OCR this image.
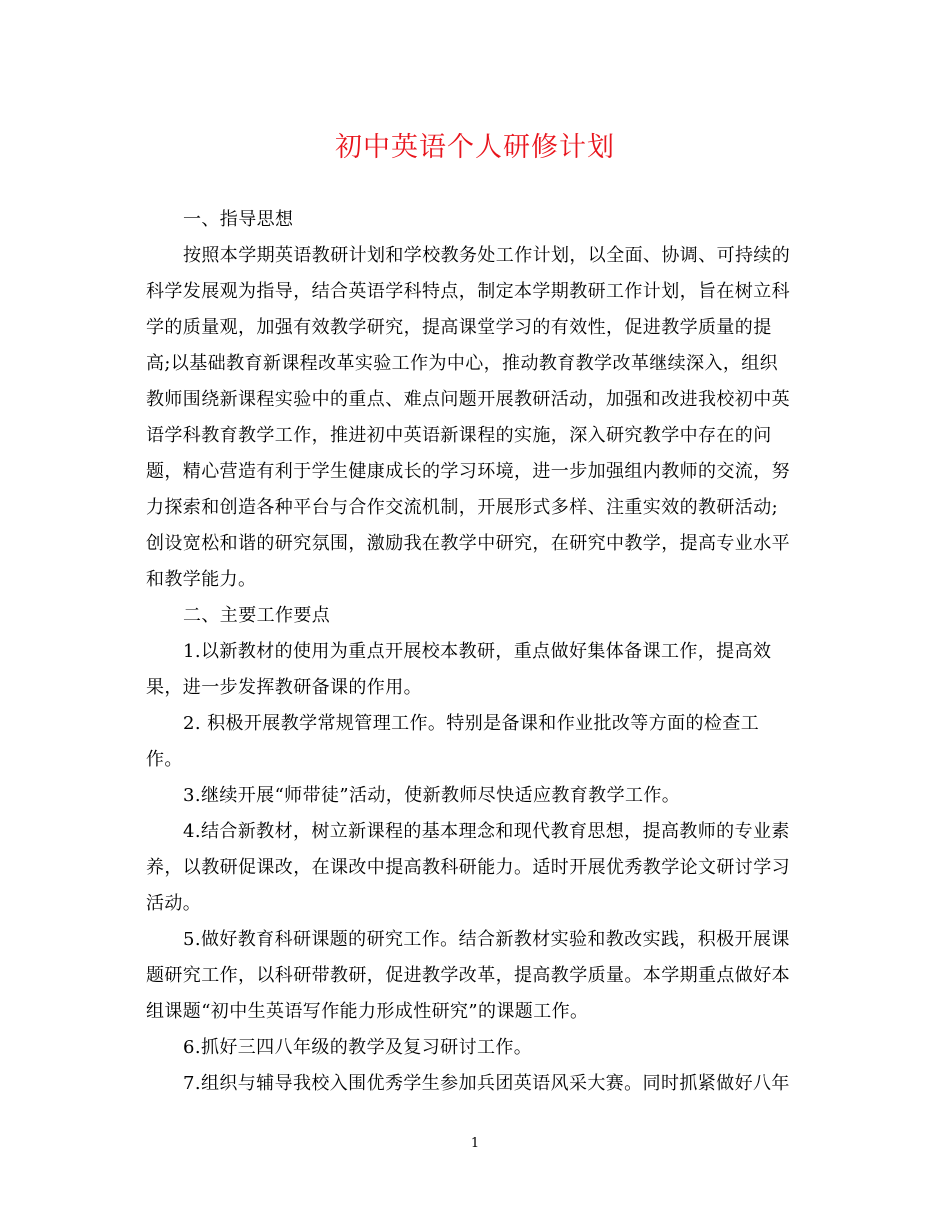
初中英语个人研修计划
一、指导思想
按照本学期英语教研计划和学校教务处工作计划，以全面、协调、可持续的
科学发展观为指导，结合英语学科特点，制定本学期教研工作计划，旨在树立科
学的质量观，加强有效教学研究，提高课堂学习的有效性，促进教学质量的提
高;以基础教育新课程改革实验工作为中心，推动教育教学改革继续深入，组织
教师围绕新课程实验中的重点、难点问题开展教研活动，加强和改进我校初中英
语学科教育教学工作，推进初中英语新课程的实施，深入研究教学中存在的问
题，精心营造有利于学生健康成长的学习环境，进一步加强组内教师的交流，努
力探索和创造各种平台与合作交流机制，开展形式多样、注重实效的教研活动;
创设宽松和谐的研究氛围，激励我在教学中研究，在研究中教学，提高专业水平
和教学能力。
二、主要工作要点
1.以新教材的使用为重点开展校本教研，重点做好集体备课工作，提高效
果，进一步发挥教研备课的作用。
2. 积极开展教学常规管理工作。特别是备课和作业批改等方面的检查工
作。
3.继续开展“师带徒”活动，使新教师尽快适应教育教学工作。
4.结合新教材，树立新课程的基本理念和现代教育思想，提高教师的专业素
养，以教研促课改，在课改中提高教科研能力。适时开展优秀教学论文研讨学习
活动。
5.做好教育科研课题的研究工作。结合新教材实验和教改实践，积极开展课
题研究工作，以科研带教研，促进教学改革，提高教学质量。本学期重点做好本
组课题“初中生英语写作能力形成性研究”的课题工作。
6.抓好三四八年级的教学及复习研讨工作。
7.组织与辅导我校入围优秀学生参加兵团英语风采大赛。同时抓紧做好八年
1
